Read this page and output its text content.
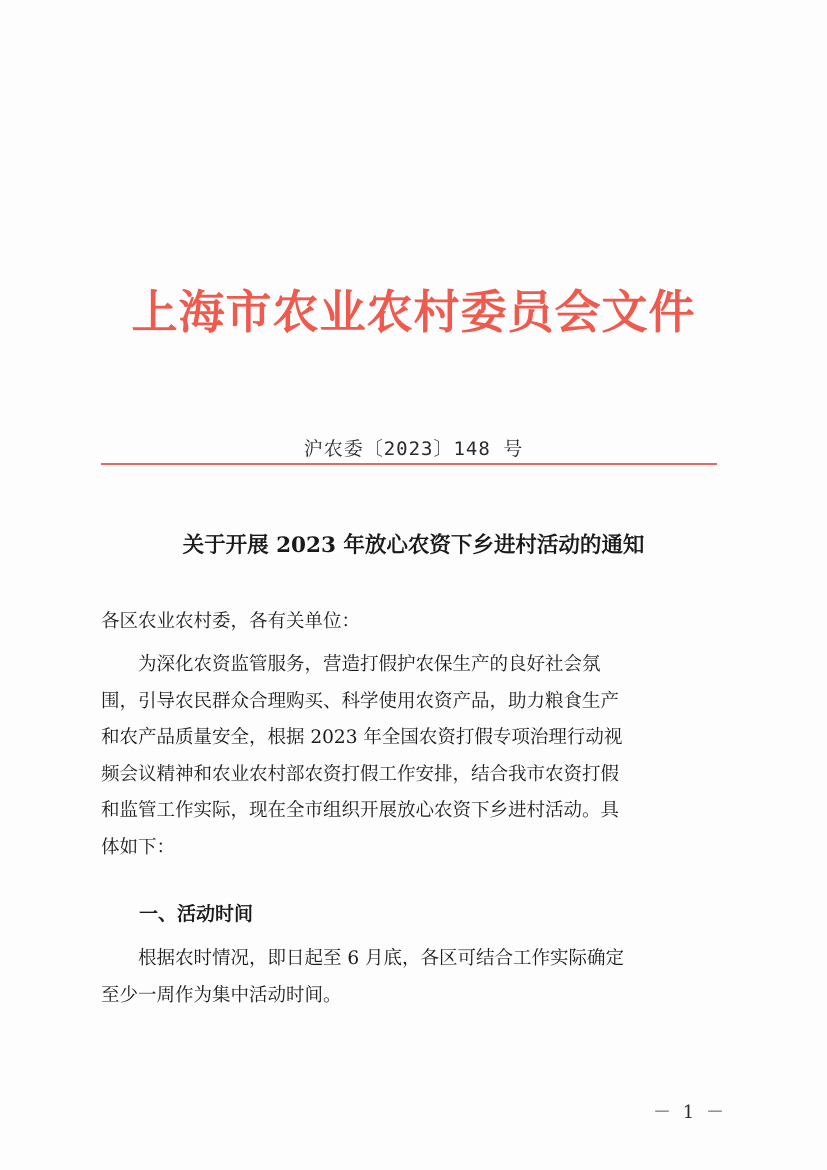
上海市农业农村委员会文件
沪农委〔2023〕148 号
关于开展 2023 年放心农资下乡进村活动的通知
各区农业农村委，各有关单位：
　　为深化农资监管服务，营造打假护农保生产的良好社会氛
围，引导农民群众合理购买、科学使用农资产品，助力粮食生产
和农产品质量安全，根据 2023 年全国农资打假专项治理行动视
频会议精神和农业农村部农资打假工作安排，结合我市农资打假
和监管工作实际，现在全市组织开展放心农资下乡进村活动。具
体如下：
　　一、活动时间
　　根据农时情况，即日起至 6 月底，各区可结合工作实际确定
至少一周作为集中活动时间。
－ 1 －
